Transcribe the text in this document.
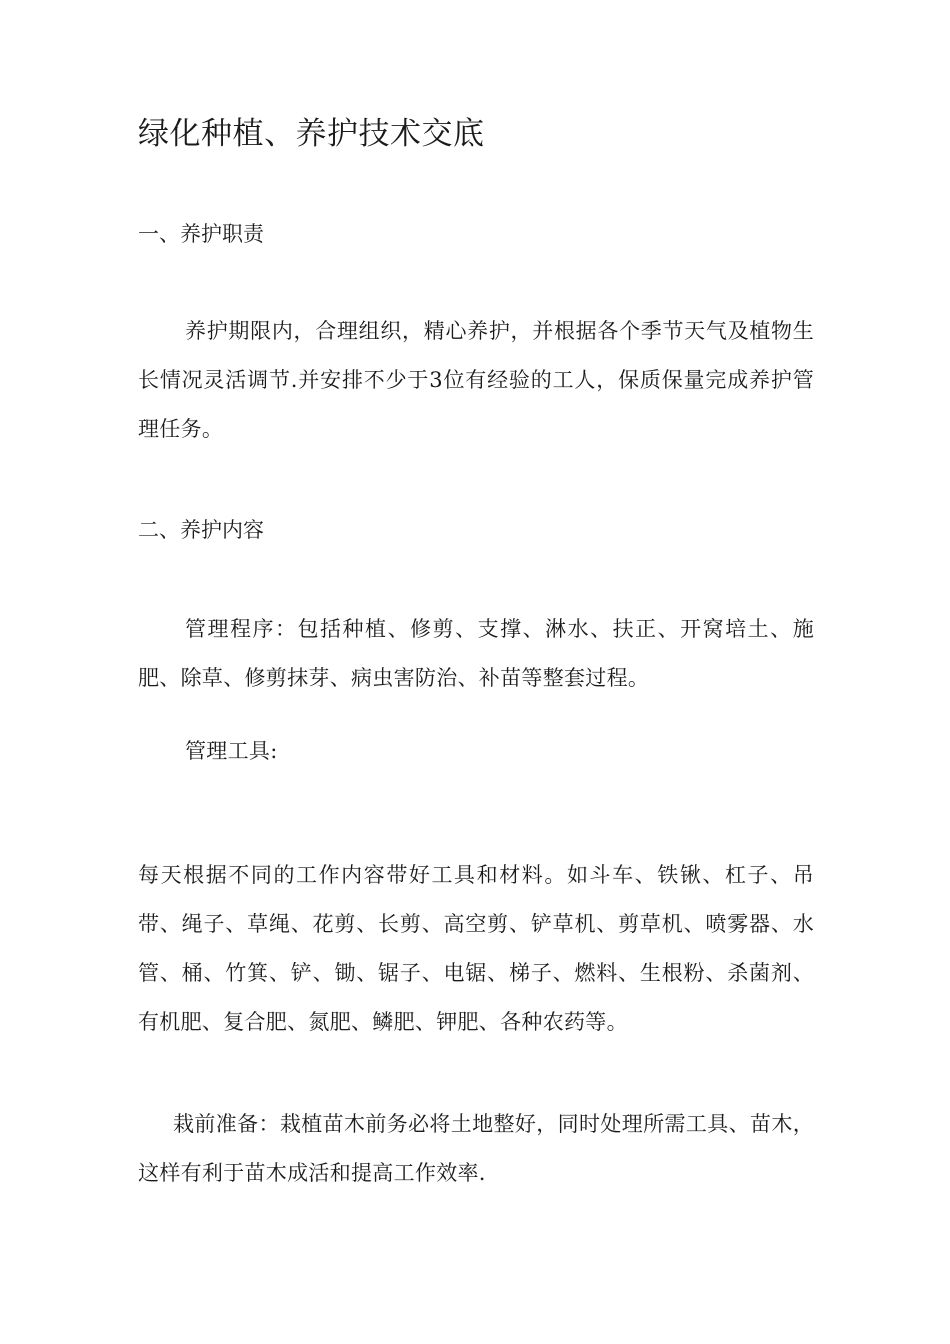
绿化种植、养护技术交底

一、养护职责

养护期限内，合理组织，精心养护，并根据各个季节天气及植物生长情况灵活调节.并安排不少于3位有经验的工人，保质保量完成养护管理任务。

二、养护内容

管理程序：包括种植、修剪、支撑、淋水、扶正、开窝培土、施肥、除草、修剪抹芽、病虫害防治、补苗等整套过程。

管理工具:

每天根据不同的工作内容带好工具和材料。如斗车、铁锹、杠子、吊带、绳子、草绳、花剪、长剪、高空剪、铲草机、剪草机、喷雾器、水管、桶、竹箕、铲、锄、锯子、电锯、梯子、燃料、生根粉、杀菌剂、有机肥、复合肥、氮肥、鳞肥、钾肥、各种农药等。

栽前准备：栽植苗木前务必将土地整好，同时处理所需工具、苗木，这样有利于苗木成活和提高工作效率.
